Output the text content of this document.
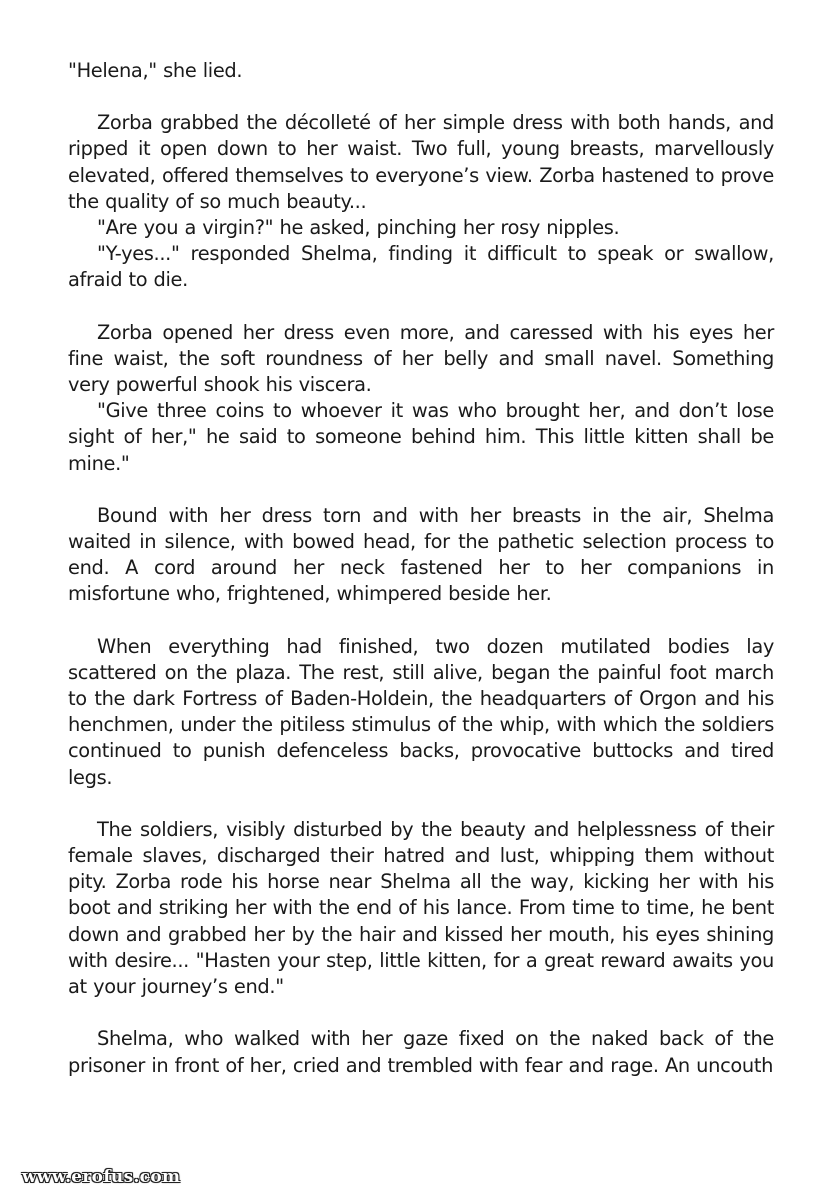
"Helena," she lied.

Zorba grabbed the décolleté of her simple dress with both hands, and ripped it open down to her waist. Two full, young breasts, marvellously elevated, offered themselves to everyone’s view. Zorba hastened to prove the quality of so much beauty...

"Are you a virgin?" he asked, pinching her rosy nipples.

"Y-yes..." responded Shelma, finding it difficult to speak or swallow, afraid to die.

Zorba opened her dress even more, and caressed with his eyes her fine waist, the soft roundness of her belly and small navel. Something very powerful shook his viscera.

"Give three coins to whoever it was who brought her, and don’t lose sight of her," he said to someone behind him. This little kitten shall be mine."

Bound with her dress torn and with her breasts in the air, Shelma waited in silence, with bowed head, for the pathetic selection process to end. A cord around her neck fastened her to her companions in misfortune who, frightened, whimpered beside her.

When everything had finished, two dozen mutilated bodies lay scattered on the plaza. The rest, still alive, began the painful foot march to the dark Fortress of Baden-Holdein, the headquarters of Orgon and his henchmen, under the pitiless stimulus of the whip, with which the soldiers continued to punish defenceless backs, provocative buttocks and tired legs.

The soldiers, visibly disturbed by the beauty and helplessness of their female slaves, discharged their hatred and lust, whipping them without pity. Zorba rode his horse near Shelma all the way, kicking her with his boot and striking her with the end of his lance. From time to time, he bent down and grabbed her by the hair and kissed her mouth, his eyes shining with desire... "Hasten your step, little kitten, for a great reward awaits you at your journey’s end."

Shelma, who walked with her gaze fixed on the naked back of the prisoner in front of her, cried and trembled with fear and rage. An uncouth

www.erofus.com
